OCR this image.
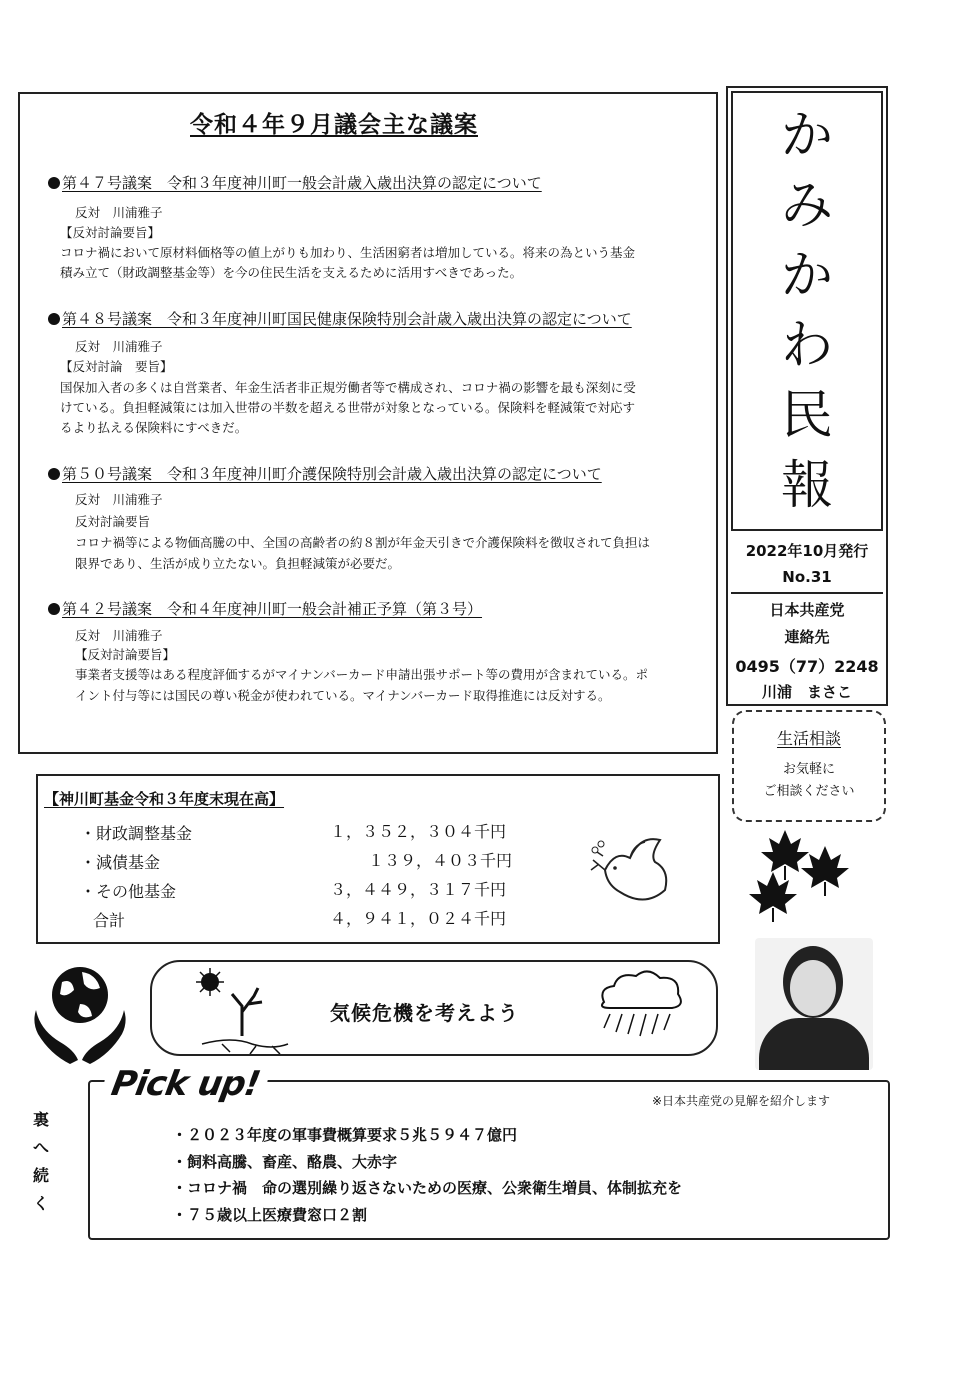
令和４年９月議会主な議案
第４７号議案　令和３年度神川町一般会計歳入歳出決算の認定について
反対　川浦雅子
【反対討論要旨】
コロナ禍において原材料価格等の値上がりも加わり、生活困窮者は増加している。将来の為という基金
積み立て（財政調整基金等）を今の住民生活を支えるために活用すべきであった。
第４８号議案　令和３年度神川町国民健康保険特別会計歳入歳出決算の認定について
反対　川浦雅子
【反対討論　要旨】
国保加入者の多くは自営業者、年金生活者非正規労働者等で構成され、コロナ禍の影響を最も深刻に受
けている。負担軽減策には加入世帯の半数を超える世帯が対象となっている。保険料を軽減策で対応す
るより払える保険料にすべきだ。
第５０号議案　令和３年度神川町介護保険特別会計歳入歳出決算の認定について
反対　川浦雅子
反対討論要旨
コロナ禍等による物価高騰の中、全国の高齢者の約８割が年金天引きで介護保険料を徴収されて負担は
限界であり、生活が成り立たない。負担軽減策が必要だ。
第４２号議案　令和４年度神川町一般会計補正予算（第３号）
反対　川浦雅子
【反対討論要旨】
事業者支援等はある程度評価するがマイナンバーカード申請出張サポート等の費用が含まれている。ポ
イント付与等には国民の尊い税金が使われている。マイナンバーカード取得推進には反対する。
か
み
か
わ
民
報
2022年10月発行
No.31
日本共産党
連絡先
0495（77）2248
川浦　まさこ
生活相談
お気軽に
ご相談ください
【神川町基金令和３年度末現在高】
・財政調整基金	１，３５２，３０４千円
・減債基金	１３９，４０３千円
・その他基金	３，４４９，３１７千円
合計	４，９４１，０２４千円
気候危機を考えよう
Pick up!	※日本共産党の見解を紹介します
・２０２３年度の軍事費概算要求５兆５９４７億円
・飼料高騰、畜産、酪農、大赤字
・コロナ禍　命の選別繰り返さないための医療、公衆衛生増員、体制拡充を
・７５歳以上医療費窓口２割
裏
へ
続
く
